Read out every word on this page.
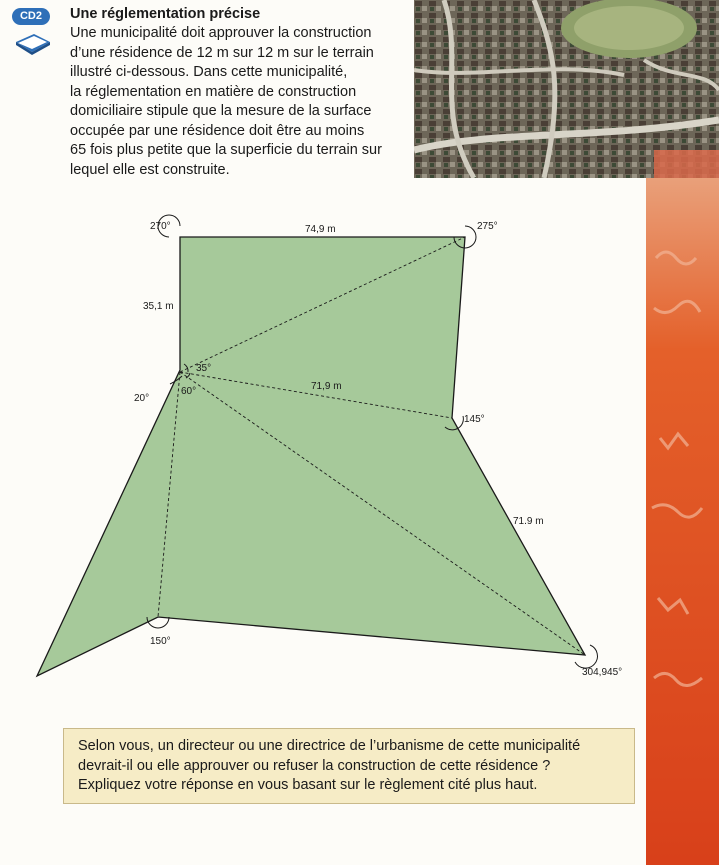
CD2	Une réglementation précise

Une municipalité doit approuver la construction
d’une résidence de 12 m sur 12 m sur le terrain
illustré ci-dessous. Dans cette municipalité,
la réglementation en matière de construction
domiciliaire stipule que la mesure de la surface
occupée par une résidence doit être au moins
65 fois plus petite que la superficie du terrain sur
lequel elle est construite.

270°	275°
74,9 m
35,1 m
35°
60°
20°
71,9 m
145°
71.9 m
150°
304,945°

Selon vous, un directeur ou une directrice de l’urbanisme de cette municipalité
devrait-il ou elle approuver ou refuser la construction de cette résidence ?
Expliquez votre réponse en vous basant sur le règlement cité plus haut.
